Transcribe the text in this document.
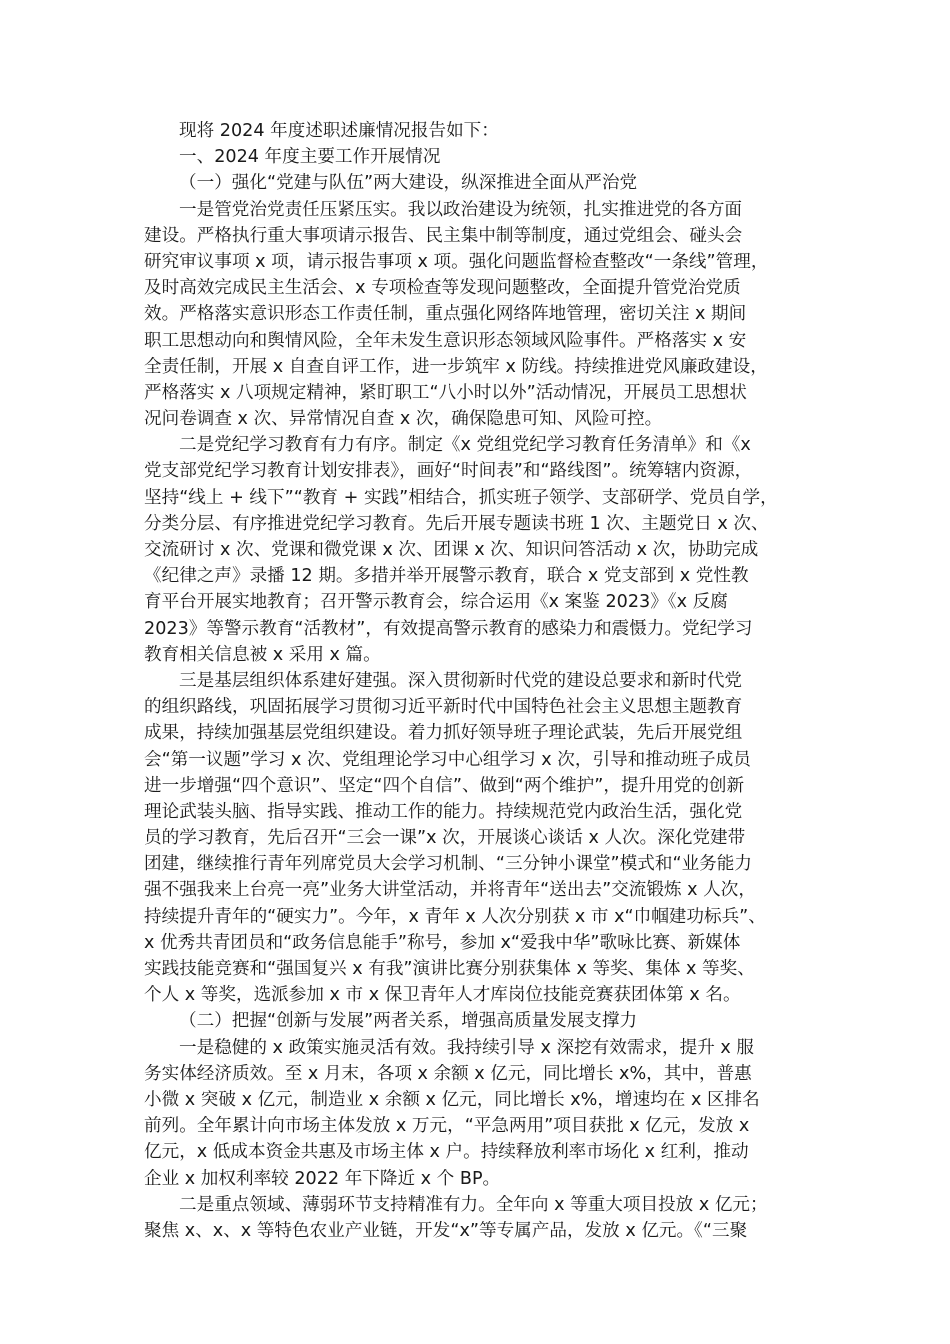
现将 2024 年度述职述廉情况报告如下：
一、2024 年度主要工作开展情况
（一）强化“党建与队伍”两大建设，纵深推进全面从严治党
一是管党治党责任压紧压实。我以政治建设为统领，扎实推进党的各方面
建设。严格执行重大事项请示报告、民主集中制等制度，通过党组会、碰头会
研究审议事项 x 项，请示报告事项 x 项。强化问题监督检查整改“一条线”管理，
及时高效完成民主生活会、x 专项检查等发现问题整改，全面提升管党治党质
效。严格落实意识形态工作责任制，重点强化网络阵地管理，密切关注 x 期间
职工思想动向和舆情风险，全年未发生意识形态领域风险事件。严格落实 x 安
全责任制，开展 x 自查自评工作，进一步筑牢 x 防线。持续推进党风廉政建设，
严格落实 x 八项规定精神，紧盯职工“八小时以外”活动情况，开展员工思想状
况问卷调查 x 次、异常情况自查 x 次，确保隐患可知、风险可控。
二是党纪学习教育有力有序。制定《x 党组党纪学习教育任务清单》和《x
党支部党纪学习教育计划安排表》，画好“时间表”和“路线图”。统筹辖内资源，
坚持“线上 + 线下”“教育 + 实践”相结合，抓实班子领学、支部研学、党员自学，
分类分层、有序推进党纪学习教育。先后开展专题读书班 1 次、主题党日 x 次、
交流研讨 x 次、党课和微党课 x 次、团课 x 次、知识问答活动 x 次，协助完成
《纪律之声》录播 12 期。多措并举开展警示教育，联合 x 党支部到 x 党性教
育平台开展实地教育；召开警示教育会，综合运用《x 案鉴 2023》《x 反腐
2023》等警示教育“活教材”，有效提高警示教育的感染力和震慑力。党纪学习
教育相关信息被 x 采用 x 篇。
三是基层组织体系建好建强。深入贯彻新时代党的建设总要求和新时代党
的组织路线，巩固拓展学习贯彻习近平新时代中国特色社会主义思想主题教育
成果，持续加强基层党组织建设。着力抓好领导班子理论武装，先后开展党组
会“第一议题”学习 x 次、党组理论学习中心组学习 x 次，引导和推动班子成员
进一步增强“四个意识”、坚定“四个自信”、做到“两个维护”，提升用党的创新
理论武装头脑、指导实践、推动工作的能力。持续规范党内政治生活，强化党
员的学习教育，先后召开“三会一课”x 次，开展谈心谈话 x 人次。深化党建带
团建，继续推行青年列席党员大会学习机制、“三分钟小课堂”模式和“业务能力
强不强我来上台亮一亮”业务大讲堂活动，并将青年“送出去”交流锻炼 x 人次，
持续提升青年的“硬实力”。今年，x 青年 x 人次分别获 x 市 x“巾帼建功标兵”、
x 优秀共青团员和“政务信息能手”称号，参加 x“爱我中华”歌咏比赛、新媒体
实践技能竞赛和“强国复兴 x 有我”演讲比赛分别获集体 x 等奖、集体 x 等奖、
个人 x 等奖，选派参加 x 市 x 保卫青年人才库岗位技能竞赛获团体第 x 名。
（二）把握“创新与发展”两者关系，增强高质量发展支撑力
一是稳健的 x 政策实施灵活有效。我持续引导 x 深挖有效需求，提升 x 服
务实体经济质效。至 x 月末，各项 x 余额 x 亿元，同比增长 x%，其中，普惠
小微 x 突破 x 亿元，制造业 x 余额 x 亿元，同比增长 x%，增速均在 x 区排名
前列。全年累计向市场主体发放 x 万元，“平急两用”项目获批 x 亿元，发放 x
亿元，x 低成本资金共惠及市场主体 x 户。持续释放利率市场化 x 红利，推动
企业 x 加权利率较 2022 年下降近 x 个 BP。
二是重点领域、薄弱环节支持精准有力。全年向 x 等重大项目投放 x 亿元；
聚焦 x、x、x 等特色农业产业链，开发“x”等专属产品，发放 x 亿元。《“三聚
